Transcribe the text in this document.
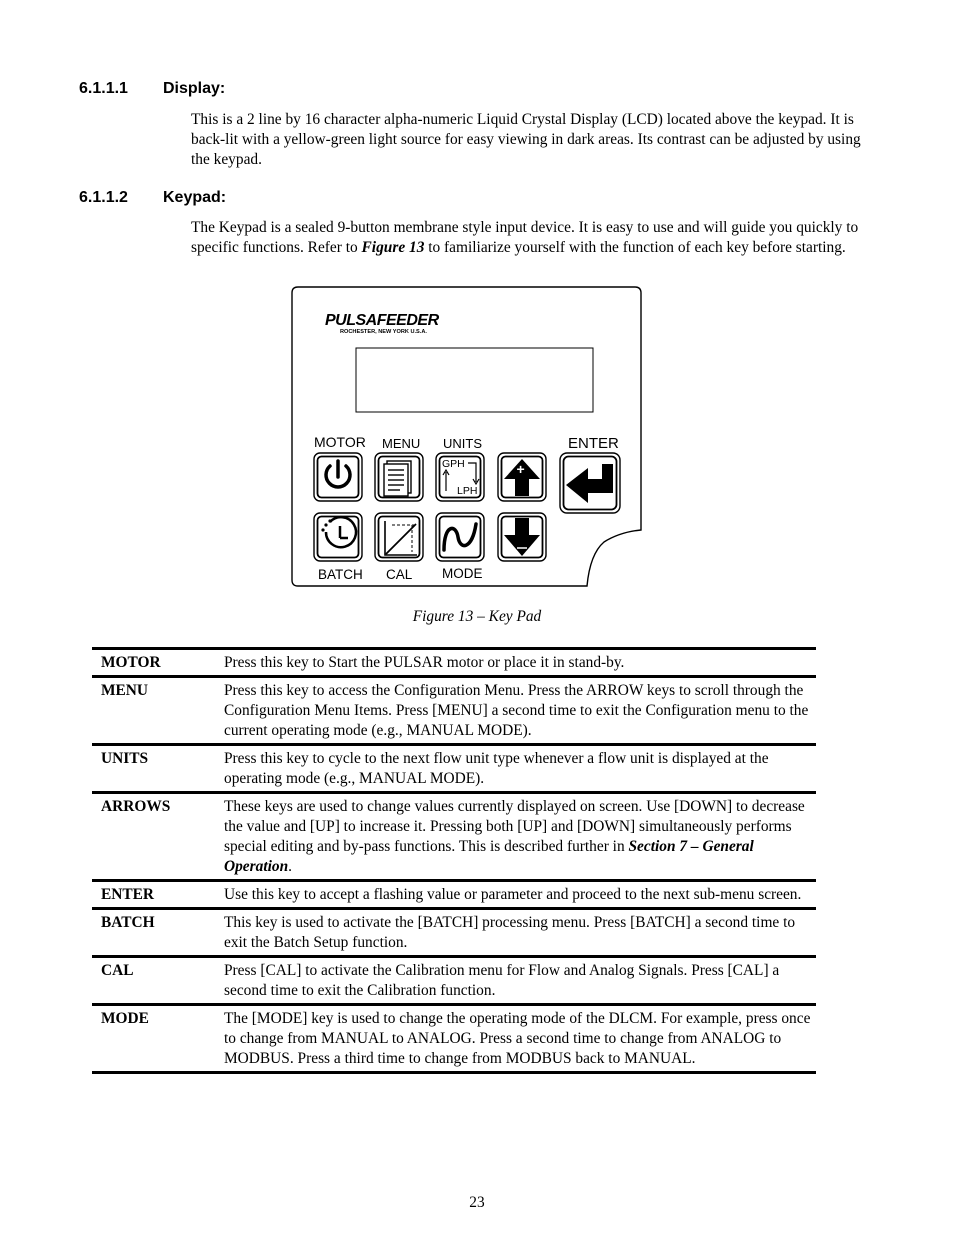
6.1.1.1 Display:
This is a 2 line by 16 character alpha-numeric Liquid Crystal Display (LCD) located above the keypad. It is back-lit with a yellow-green light source for easy viewing in dark areas. Its contrast can be adjusted by using the keypad.
6.1.1.2 Keypad:
The Keypad is a sealed 9-button membrane style input device. It is easy to use and will guide you quickly to specific functions. Refer to Figure 13 to familiarize yourself with the function of each key before starting.
PULSAFEEDER
ROCHESTER, NEW YORK U.S.A.
MOTOR MENU UNITS	ENTER
GPH
LPH
+
BATCH CAL MODE
Figure 13 – Key Pad
MOTOR	Press this key to Start the PULSAR motor or place it in stand-by.
MENU	Press this key to access the Configuration Menu. Press the ARROW keys to scroll through the Configuration Menu Items. Press [MENU] a second time to exit the Configuration menu to the current operating mode (e.g., MANUAL MODE).
UNITS	Press this key to cycle to the next flow unit type whenever a flow unit is displayed at the operating mode (e.g., MANUAL MODE).
ARROWS	These keys are used to change values currently displayed on screen. Use [DOWN] to decrease the value and [UP] to increase it. Pressing both [UP] and [DOWN] simultaneously performs special editing and by-pass functions. This is described further in Section 7 – General Operation.
ENTER	Use this key to accept a flashing value or parameter and proceed to the next sub-menu screen.
BATCH	This key is used to activate the [BATCH] processing menu. Press [BATCH] a second time to exit the Batch Setup function.
CAL	Press [CAL] to activate the Calibration menu for Flow and Analog Signals. Press [CAL] a second time to exit the Calibration function.
MODE	The [MODE] key is used to change the operating mode of the DLCM. For example, press once to change from MANUAL to ANALOG. Press a second time to change from ANALOG to MODBUS. Press a third time to change from MODBUS back to MANUAL.
23
